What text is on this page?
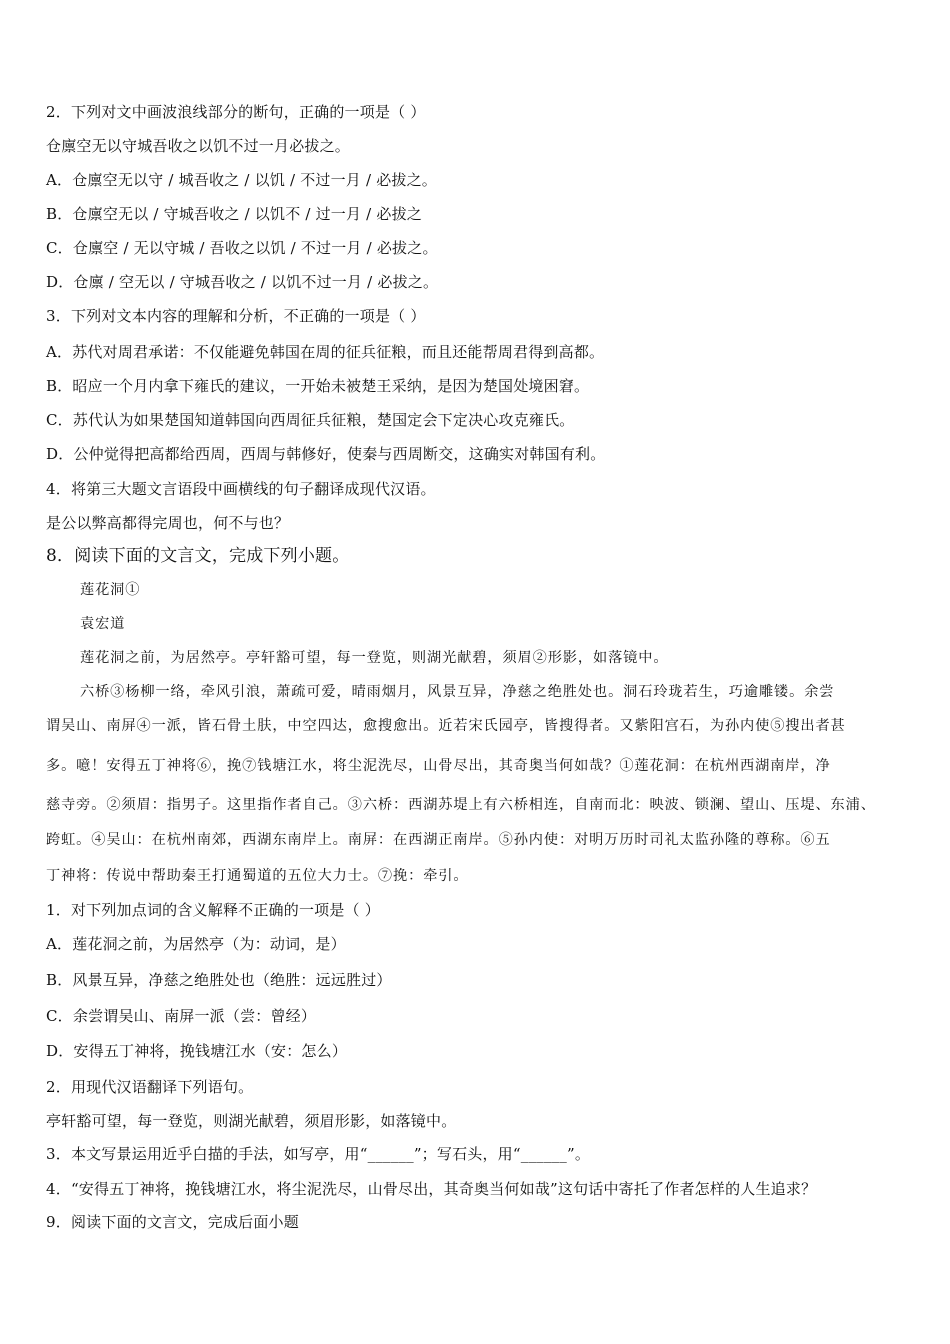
2．下列对文中画波浪线部分的断句，正确的一项是（ ）
仓廪空无以守城吾收之以饥不过一月必拔之。
A．仓廪空无以守 / 城吾收之 / 以饥 / 不过一月 / 必拔之。
B．仓廪空无以 / 守城吾收之 / 以饥不 / 过一月 / 必拔之
C．仓廪空 / 无以守城 / 吾收之以饥 / 不过一月 / 必拔之。
D．仓廪 / 空无以 / 守城吾收之 / 以饥不过一月 / 必拔之。
3．下列对文本内容的理解和分析，不正确的一项是（ ）
A．苏代对周君承诺：不仅能避免韩国在周的征兵征粮，而且还能帮周君得到高都。
B．昭应一个月内拿下雍氏的建议，一开始未被楚王采纳，是因为楚国处境困窘。
C．苏代认为如果楚国知道韩国向西周征兵征粮，楚国定会下定决心攻克雍氏。
D．公仲觉得把高都给西周，西周与韩修好，使秦与西周断交，这确实对韩国有利。
4．将第三大题文言语段中画横线的句子翻译成现代汉语。
是公以弊高都得完周也，何不与也？
8．阅读下面的文言文，完成下列小题。
莲花洞①
袁宏道
莲花洞之前，为居然亭。亭轩豁可望，每一登览，则湖光献碧，须眉②形影，如落镜中。
六桥③杨柳一络，牵风引浪，萧疏可爱，晴雨烟月，风景互异，净慈之绝胜处也。洞石玲珑若生，巧逾雕镂。余尝
谓吴山、南屏④一派，皆石骨土肤，中空四达，愈搜愈出。近若宋氏园亭，皆搜得者。又紫阳宫石，为孙内使⑤搜出者甚
多。噫！安得五丁神将⑥，挽⑦钱塘江水，将尘泥洗尽，山骨尽出，其奇奥当何如哉？①莲花洞：在杭州西湖南岸，净
慈寺旁。②须眉：指男子。这里指作者自己。③六桥：西湖苏堤上有六桥相连，自南而北：映波、锁澜、望山、压堤、东浦、
跨虹。④吴山：在杭州南郊，西湖东南岸上。南屏：在西湖正南岸。⑤孙内使：对明万历时司礼太监孙隆的尊称。⑥五
丁神将：传说中帮助秦王打通蜀道的五位大力士。⑦挽：牵引。
1．对下列加点词的含义解释不正确的一项是（ ）
A．莲花洞之前，为居然亭（为：动词，是）
B．风景互异，净慈之绝胜处也（绝胜：远远胜过）
C．余尝谓吴山、南屏一派（尝：曾经）
D．安得五丁神将，挽钱塘江水（安：怎么）
2．用现代汉语翻译下列语句。
亭轩豁可望，每一登览，则湖光献碧，须眉形影，如落镜中。
3．本文写景运用近乎白描的手法，如写亭，用“______”；写石头，用“______”。
4．“安得五丁神将，挽钱塘江水，将尘泥洗尽，山骨尽出，其奇奥当何如哉”这句话中寄托了作者怎样的人生追求？
9．阅读下面的文言文，完成后面小题
